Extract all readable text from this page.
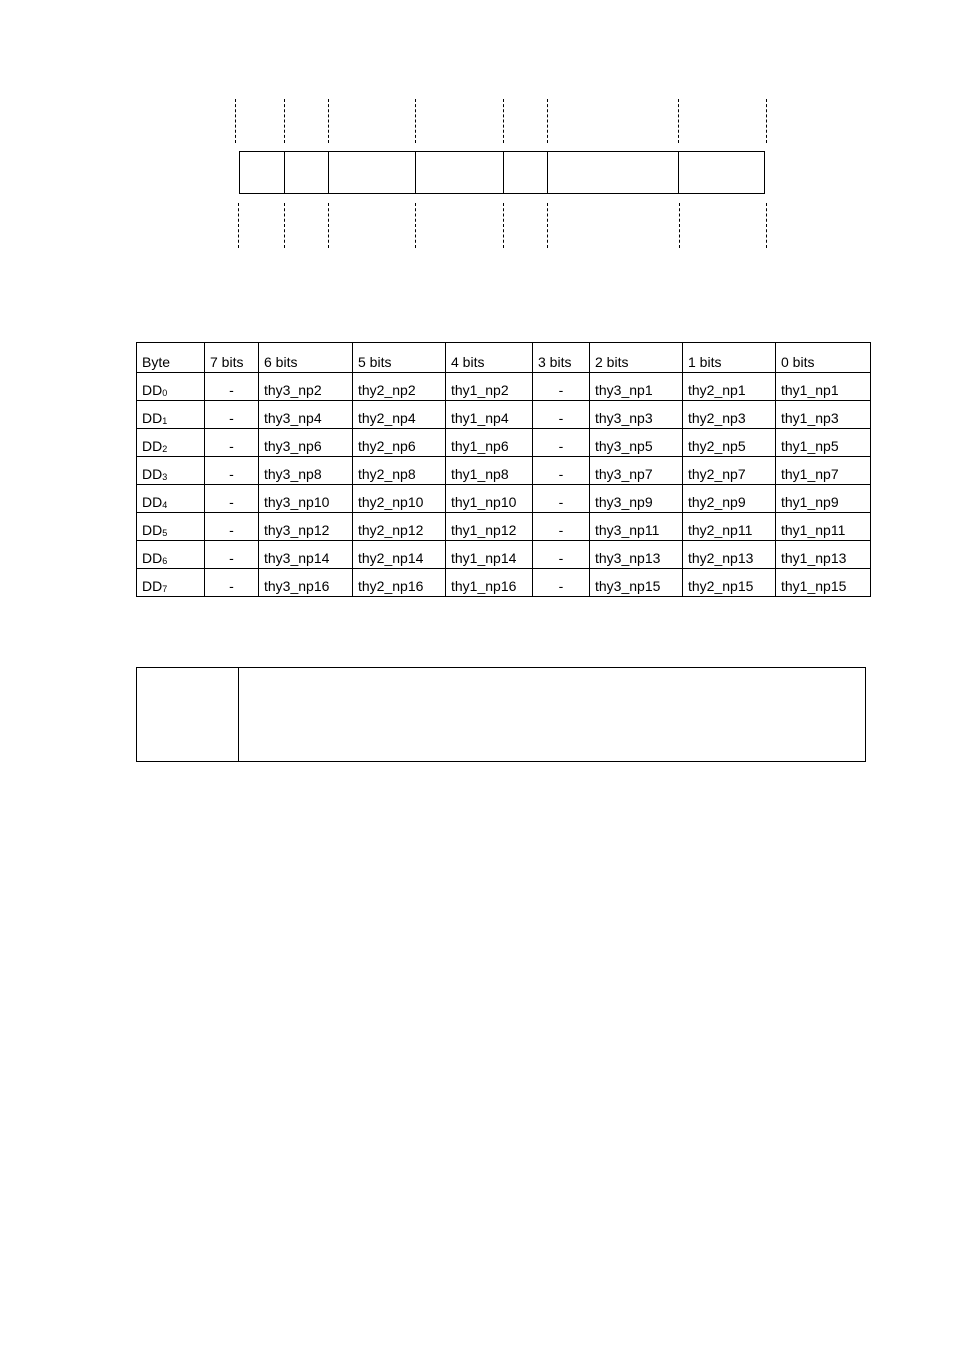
Byte	7 bits	6 bits	5 bits	4 bits	3 bits	2 bits	1 bits	0 bits
$DD_0$	-	thy3_np2	thy2_np2	thy1_np2	-	thy3_np1	thy2_np1	thy1_np1
$DD_1$	-	thy3_np4	thy2_np4	thy1_np4	-	thy3_np3	thy2_np3	thy1_np3
$DD_2$	-	thy3_np6	thy2_np6	thy1_np6	-	thy3_np5	thy2_np5	thy1_np5
$DD_3$	-	thy3_np8	thy2_np8	thy1_np8	-	thy3_np7	thy2_np7	thy1_np7
$DD_4$	-	thy3_np10	thy2_np10	thy1_np10	-	thy3_np9	thy2_np9	thy1_np9
$DD_5$	-	thy3_np12	thy2_np12	thy1_np12	-	thy3_np11	thy2_np11	thy1_np11
$DD_6$	-	thy3_np14	thy2_np14	thy1_np14	-	thy3_np13	thy2_np13	thy1_np13
$DD_7$	-	thy3_np16	thy2_np16	thy1_np16	-	thy3_np15	thy2_np15	thy1_np15
